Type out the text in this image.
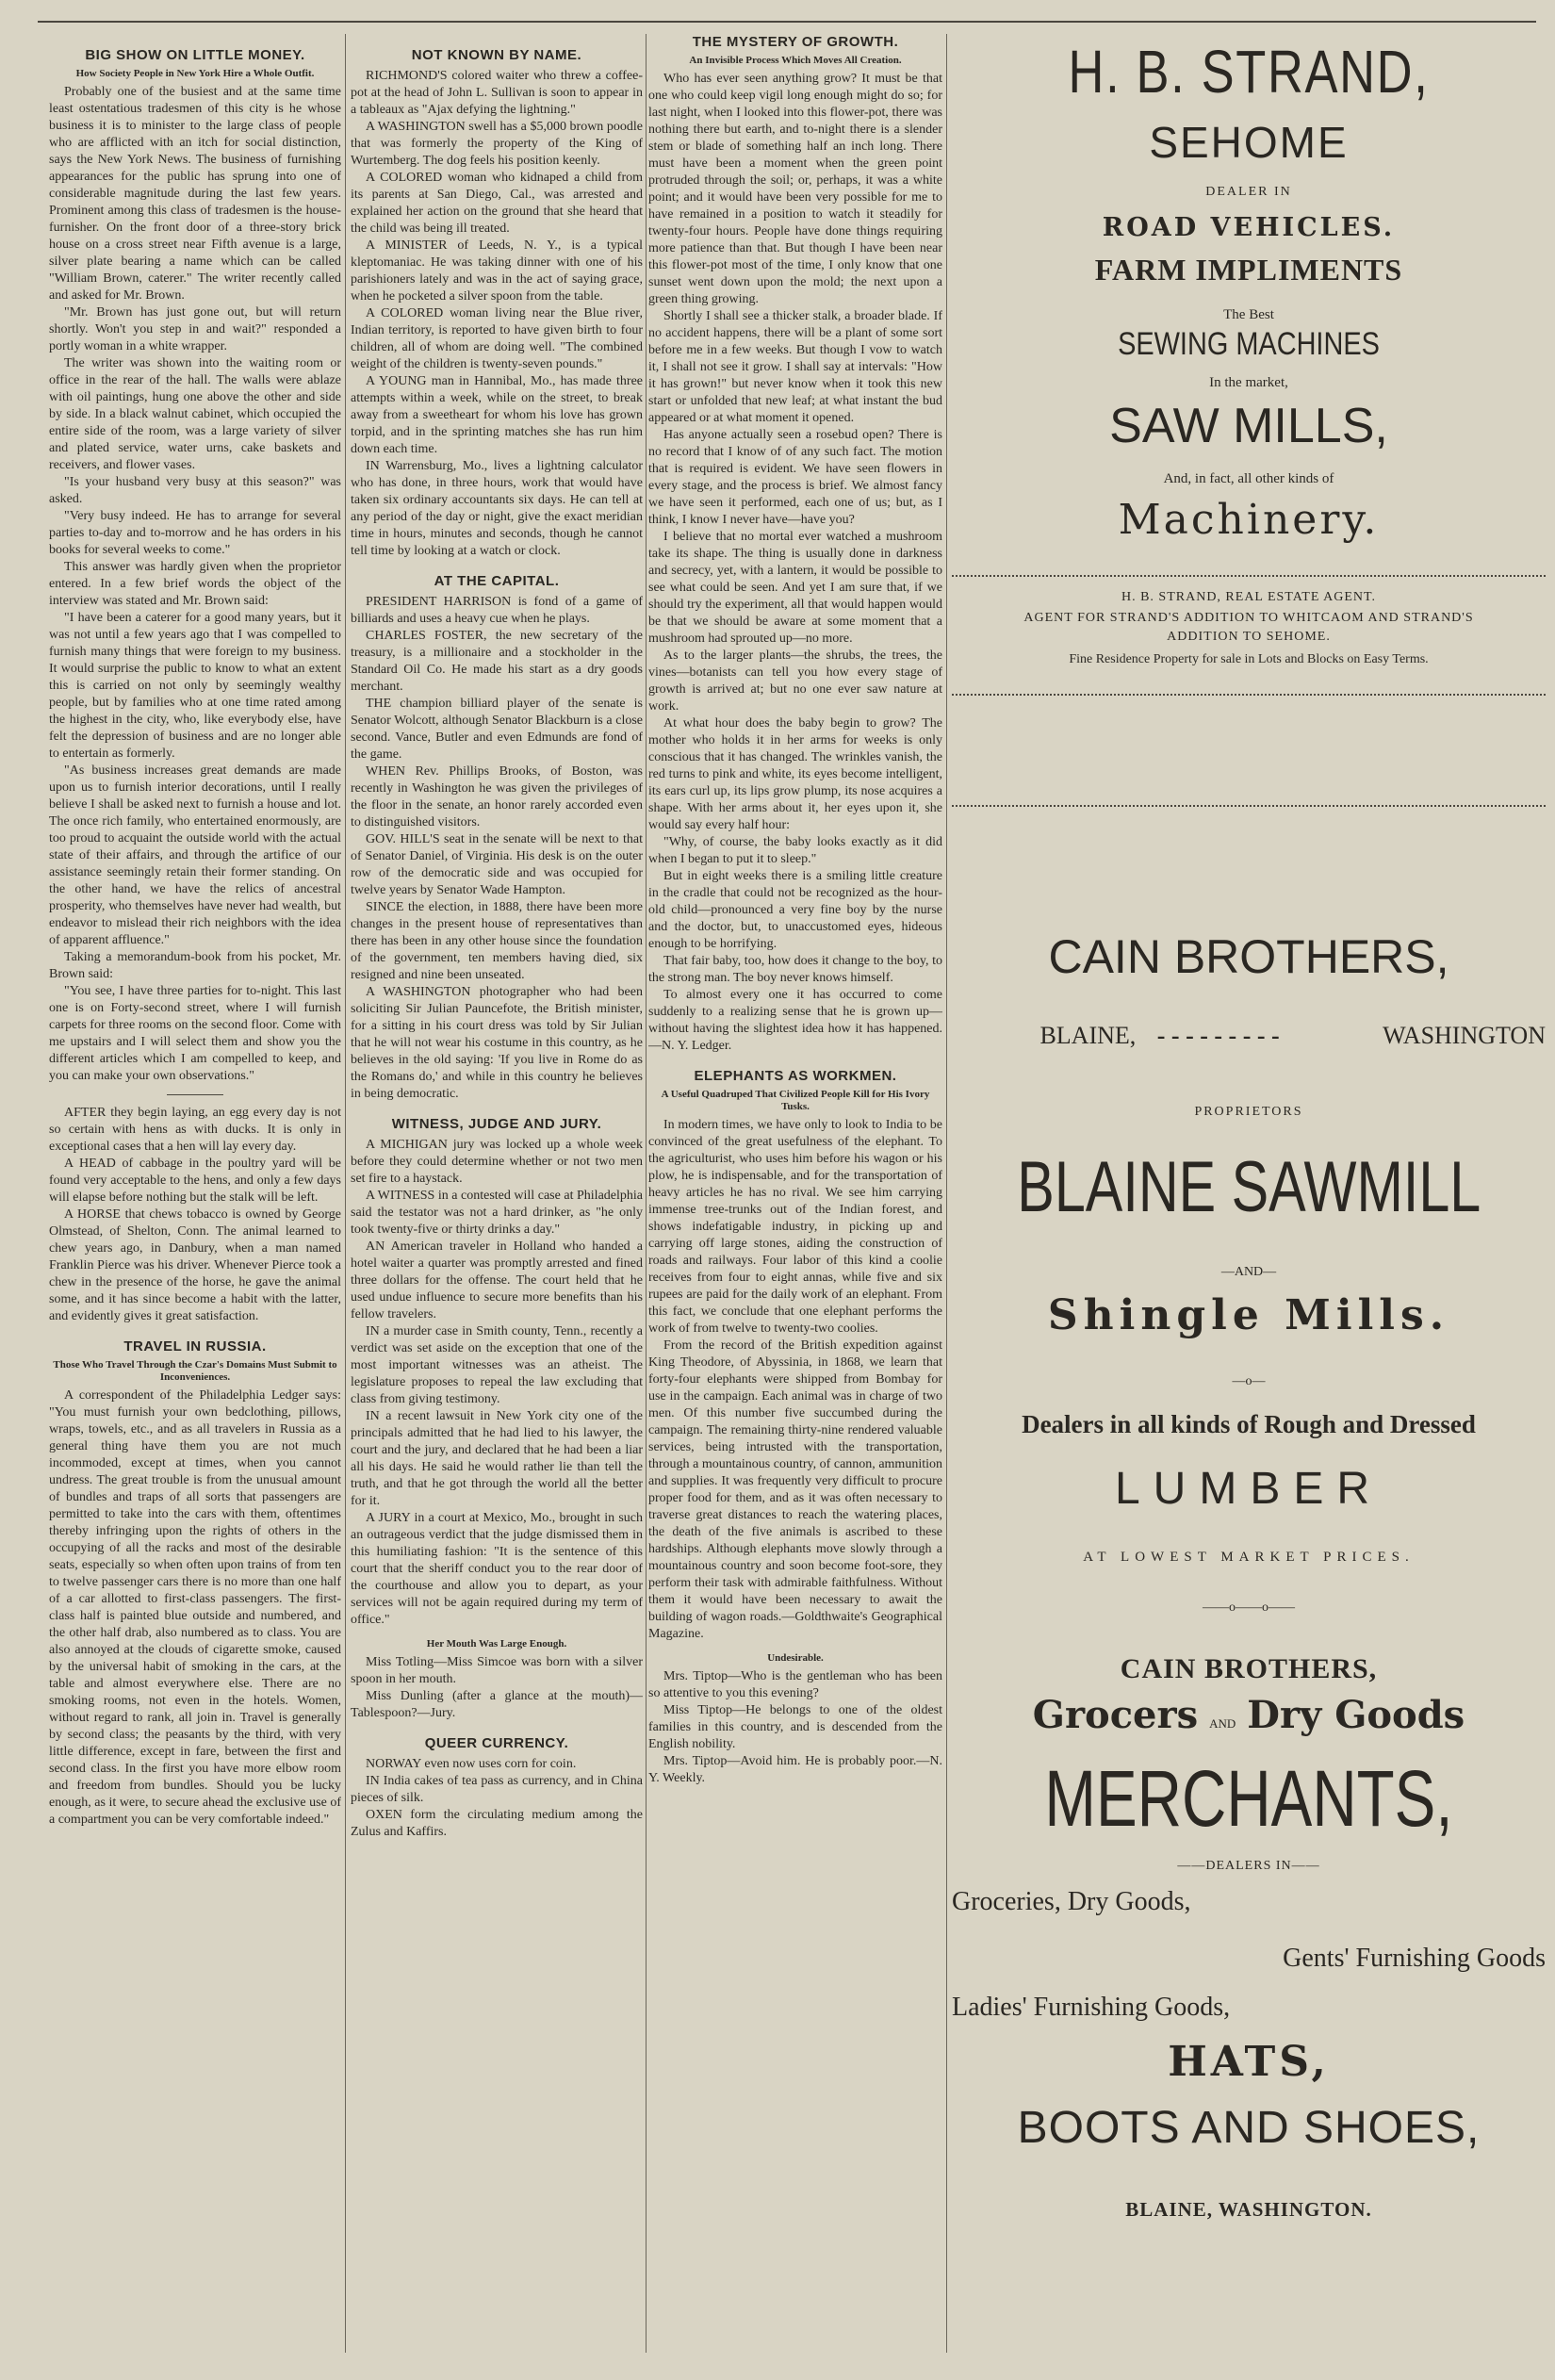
BIG SHOW ON LITTLE MONEY.
How Society People in New York Hire a Whole Outfit.

Probably one of the busiest and at the same time least ostentatious tradesmen of this city is he whose business it is to minister to the large class of people who are afflicted with an itch for social distinction, says the New York News. The business of furnishing appearances for the public has sprung into one of considerable magnitude during the last few years. Prominent among this class of tradesmen is the house-furnisher. On the front door of a three-story brick house on a cross street near Fifth avenue is a large, silver plate bearing a name which can be called "William Brown, caterer." The writer recently called and asked for Mr. Brown.

"Mr. Brown has just gone out, but will return shortly. Won't you step in and wait?" responded a portly woman in a white wrapper.

The writer was shown into the waiting room or office in the rear of the hall. The walls were ablaze with oil paintings, hung one above the other and side by side. In a black walnut cabinet, which occupied the entire side of the room, was a large variety of silver and plated service, water urns, cake baskets and receivers, and flower vases.

"Is your husband very busy at this season?" was asked.

"Very busy indeed. He has to arrange for several parties to-day and to-morrow and he has orders in his books for several weeks to come."

This answer was hardly given when the proprietor entered. In a few brief words the object of the interview was stated and Mr. Brown said:

"I have been a caterer for a good many years, but it was not until a few years ago that I was compelled to furnish many things that were foreign to my business. It would surprise the public to know to what an extent this is carried on not only by seemingly wealthy people, but by families who at one time rated among the highest in the city, who, like everybody else, have felt the depression of business and are no longer able to entertain as formerly.

"As business increases great demands are made upon us to furnish interior decorations, until I really believe I shall be asked next to furnish a house and lot. The once rich family, who entertained enormously, are too proud to acquaint the outside world with the actual state of their affairs, and through the artifice of our assistance seemingly retain their former standing. On the other hand, we have the relics of ancestral prosperity, who themselves have never had wealth, but endeavor to mislead their rich neighbors with the idea of apparent affluence."

Taking a memorandum-book from his pocket, Mr. Brown said:

"You see, I have three parties for to-night. This last one is on Forty-second street, where I will furnish carpets for three rooms on the second floor. Come with me upstairs and I will select them and show you the different articles which I am compelled to keep, and you can make your own observations."

AFTER they begin laying, an egg every day is not so certain with hens as with ducks. It is only in exceptional cases that a hen will lay every day.

A HEAD of cabbage in the poultry yard will be found very acceptable to the hens, and only a few days will elapse before nothing but the stalk will be left.

A HORSE that chews tobacco is owned by George Olmstead, of Shelton, Conn. The animal learned to chew years ago, in Danbury, when a man named Franklin Pierce was his driver. Whenever Pierce took a chew in the presence of the horse, he gave the animal some, and it has since become a habit with the latter, and evidently gives it great satisfaction.

TRAVEL IN RUSSIA.
Those Who Travel Through the Czar's Domains Must Submit to Inconveniences.

A correspondent of the Philadelphia Ledger says: "You must furnish your own bedclothing, pillows, wraps, towels, etc., and as all travelers in Russia as a general thing have them you are not much incommoded, except at times, when you cannot undress. The great trouble is from the unusual amount of bundles and traps of all sorts that passengers are permitted to take into the cars with them, oftentimes thereby infringing upon the rights of others in the occupying of all the racks and most of the desirable seats, especially so when often upon trains of from ten to twelve passenger cars there is no more than one half of a car allotted to first-class passengers. The first-class half is painted blue outside and numbered, and the other half drab, also numbered as to class. You are also annoyed at the clouds of cigarette smoke, caused by the universal habit of smoking in the cars, at the table and almost everywhere else. There are no smoking rooms, not even in the hotels. Women, without regard to rank, all join in. Travel is generally by second class; the peasants by the third, with very little difference, except in fare, between the first and second class. In the first you have more elbow room and freedom from bundles. Should you be lucky enough, as it were, to secure ahead the exclusive use of a compartment you can be very comfortable indeed."

NOT KNOWN BY NAME.

RICHMOND'S colored waiter who threw a coffee-pot at the head of John L. Sullivan is soon to appear in a tableaux as "Ajax defying the lightning."

A WASHINGTON swell has a $5,000 brown poodle that was formerly the property of the King of Wurtemberg. The dog feels his position keenly.

A COLORED woman who kidnaped a child from its parents at San Diego, Cal., was arrested and explained her action on the ground that she heard that the child was being ill treated.

A MINISTER of Leeds, N. Y., is a typical kleptomaniac. He was taking dinner with one of his parishioners lately and was in the act of saying grace, when he pocketed a silver spoon from the table.

A COLORED woman living near the Blue river, Indian territory, is reported to have given birth to four children, all of whom are doing well. "The combined weight of the children is twenty-seven pounds."

A YOUNG man in Hannibal, Mo., has made three attempts within a week, while on the street, to break away from a sweetheart for whom his love has grown torpid, and in the sprinting matches she has run him down each time.

IN Warrensburg, Mo., lives a lightning calculator who has done, in three hours, work that would have taken six ordinary accountants six days. He can tell at any period of the day or night, give the exact meridian time in hours, minutes and seconds, though he cannot tell time by looking at a watch or clock.

AT THE CAPITAL.

PRESIDENT HARRISON is fond of a game of billiards and uses a heavy cue when he plays.

CHARLES FOSTER, the new secretary of the treasury, is a millionaire and a stockholder in the Standard Oil Co. He made his start as a dry goods merchant.

THE champion billiard player of the senate is Senator Wolcott, although Senator Blackburn is a close second. Vance, Butler and even Edmunds are fond of the game.

WHEN Rev. Phillips Brooks, of Boston, was recently in Washington he was given the privileges of the floor in the senate, an honor rarely accorded even to distinguished visitors.

GOV. HILL'S seat in the senate will be next to that of Senator Daniel, of Virginia. His desk is on the outer row of the democratic side and was occupied for twelve years by Senator Wade Hampton.

SINCE the election, in 1888, there have been more changes in the present house of representatives than there has been in any other house since the foundation of the government, ten members having died, six resigned and nine been unseated.

A WASHINGTON photographer who had been soliciting Sir Julian Pauncefote, the British minister, for a sitting in his court dress was told by Sir Julian that he will not wear his costume in this country, as he believes in the old saying: 'If you live in Rome do as the Romans do,' and while in this country he believes in being democratic.

WITNESS, JUDGE AND JURY.

A MICHIGAN jury was locked up a whole week before they could determine whether or not two men set fire to a haystack.

A WITNESS in a contested will case at Philadelphia said the testator was not a hard drinker, as "he only took twenty-five or thirty drinks a day."

AN American traveler in Holland who handed a hotel waiter a quarter was promptly arrested and fined three dollars for the offense. The court held that he used undue influence to secure more benefits than his fellow travelers.

IN a murder case in Smith county, Tenn., recently a verdict was set aside on the exception that one of the most important witnesses was an atheist. The legislature proposes to repeal the law excluding that class from giving testimony.

IN a recent lawsuit in New York city one of the principals admitted that he had lied to his lawyer, the court and the jury, and declared that he had been a liar all his days. He said he would rather lie than tell the truth, and that he got through the world all the better for it.

A JURY in a court at Mexico, Mo., brought in such an outrageous verdict that the judge dismissed them in this humiliating fashion: "It is the sentence of this court that the sheriff conduct you to the rear door of the courthouse and allow you to depart, as your services will not be again required during my term of office."

Her Mouth Was Large Enough.

Miss Totling—Miss Simcoe was born with a silver spoon in her mouth.

Miss Dunling (after a glance at the mouth)—Tablespoon?—Jury.

QUEER CURRENCY.

NORWAY even now uses corn for coin.

IN India cakes of tea pass as currency, and in China pieces of silk.

OXEN form the circulating medium among the Zulus and Kaffirs.

THE MYSTERY OF GROWTH.
An Invisible Process Which Moves All Creation.

Who has ever seen anything grow? It must be that one who could keep vigil long enough might do so; for last night, when I looked into this flower-pot, there was nothing there but earth, and to-night there is a slender stem or blade of something half an inch long. There must have been a moment when the green point protruded through the soil; or, perhaps, it was a white point; and it would have been very possible for me to have remained in a position to watch it steadily for twenty-four hours. People have done things requiring more patience than that. But though I have been near this flower-pot most of the time, I only know that one sunset went down upon the mold; the next upon a green thing growing.

Shortly I shall see a thicker stalk, a broader blade. If no accident happens, there will be a plant of some sort before me in a few weeks. But though I vow to watch it, I shall not see it grow. I shall say at intervals: "How it has grown!" but never know when it took this new start or unfolded that new leaf; at what instant the bud appeared or at what moment it opened.

Has anyone actually seen a rosebud open? There is no record that I know of of any such fact. The motion that is required is evident. We have seen flowers in every stage, and the process is brief. We almost fancy we have seen it performed, each one of us; but, as I think, I know I never have—have you?

I believe that no mortal ever watched a mushroom take its shape. The thing is usually done in darkness and secrecy, yet, with a lantern, it would be possible to see what could be seen. And yet I am sure that, if we should try the experiment, all that would happen would be that we should be aware at some moment that a mushroom had sprouted up—no more.

As to the larger plants—the shrubs, the trees, the vines—botanists can tell you how every stage of growth is arrived at; but no one ever saw nature at work.

At what hour does the baby begin to grow? The mother who holds it in her arms for weeks is only conscious that it has changed. The wrinkles vanish, the red turns to pink and white, its eyes become intelligent, its ears curl up, its lips grow plump, its nose acquires a shape. With her arms about it, her eyes upon it, she would say every half hour:

"Why, of course, the baby looks exactly as it did when I began to put it to sleep."

But in eight weeks there is a smiling little creature in the cradle that could not be recognized as the hour-old child—pronounced a very fine boy by the nurse and the doctor, but, to unaccustomed eyes, hideous enough to be horrifying.

That fair baby, too, how does it change to the boy, to the strong man. The boy never knows himself.

To almost every one it has occurred to come suddenly to a realizing sense that he is grown up—without having the slightest idea how it has happened.—N. Y. Ledger.

ELEPHANTS AS WORKMEN.
A Useful Quadruped That Civilized People Kill for His Ivory Tusks.

In modern times, we have only to look to India to be convinced of the great usefulness of the elephant. To the agriculturist, who uses him before his wagon or his plow, he is indispensable, and for the transportation of heavy articles he has no rival. We see him carrying immense tree-trunks out of the Indian forest, and shows indefatigable industry, in picking up and carrying off large stones, aiding the construction of roads and railways. Four labor of this kind a coolie receives from four to eight annas, while five and six rupees are paid for the daily work of an elephant. From this fact, we conclude that one elephant performs the work of from twelve to twenty-two coolies.

From the record of the British expedition against King Theodore, of Abyssinia, in 1868, we learn that forty-four elephants were shipped from Bombay for use in the campaign. Each animal was in charge of two men. Of this number five succumbed during the campaign. The remaining thirty-nine rendered valuable services, being intrusted with the transportation, through a mountainous country, of cannon, ammunition and supplies. It was frequently very difficult to procure proper food for them, and as it was often necessary to traverse great distances to reach the watering places, the death of the five animals is ascribed to these hardships. Although elephants move slowly through a mountainous country and soon become foot-sore, they perform their task with admirable faithfulness. Without them it would have been necessary to await the building of wagon roads.—Goldthwaite's Geographical Magazine.

Undesirable.

Mrs. Tiptop—Who is the gentleman who has been so attentive to you this evening?

Miss Tiptop—He belongs to one of the oldest families in this country, and is descended from the English nobility.

Mrs. Tiptop—Avoid him. He is probably poor.—N. Y. Weekly.

H. B. STRAND,
SEHOME
DEALER IN
ROAD VEHICLES.
FARM IMPLIMENTS
The Best
SEWING MACHINES
In the market,
SAW MILLS,
And, in fact, all other kinds of
Machinery.
H. B. STRAND, REAL ESTATE AGENT.
AGENT FOR STRAND'S ADDITION TO WHITCAOM AND STRAND'S
ADDITION TO SEHOME.
Fine Residence Property for sale in Lots and Blocks on Easy Terms.
CAIN BROTHERS,
BLAINE, - - - - - - - - -	WASHINGTON
PROPRIETORS
BLAINE SAWMILL
—AND—
Shingle Mills.
—o—
Dealers in all kinds of Rough and Dressed
LUMBER
AT LOWEST MARKET PRICES.
——o——o——
CAIN BROTHERS,
Grocers AND Dry Goods
MERCHANTS,
——DEALERS IN——
Groceries, Dry Goods,
Gents' Furnishing Goods
Ladies' Furnishing Goods,
HATS,
BOOTS AND SHOES,
BLAINE, WASHINGTON.
